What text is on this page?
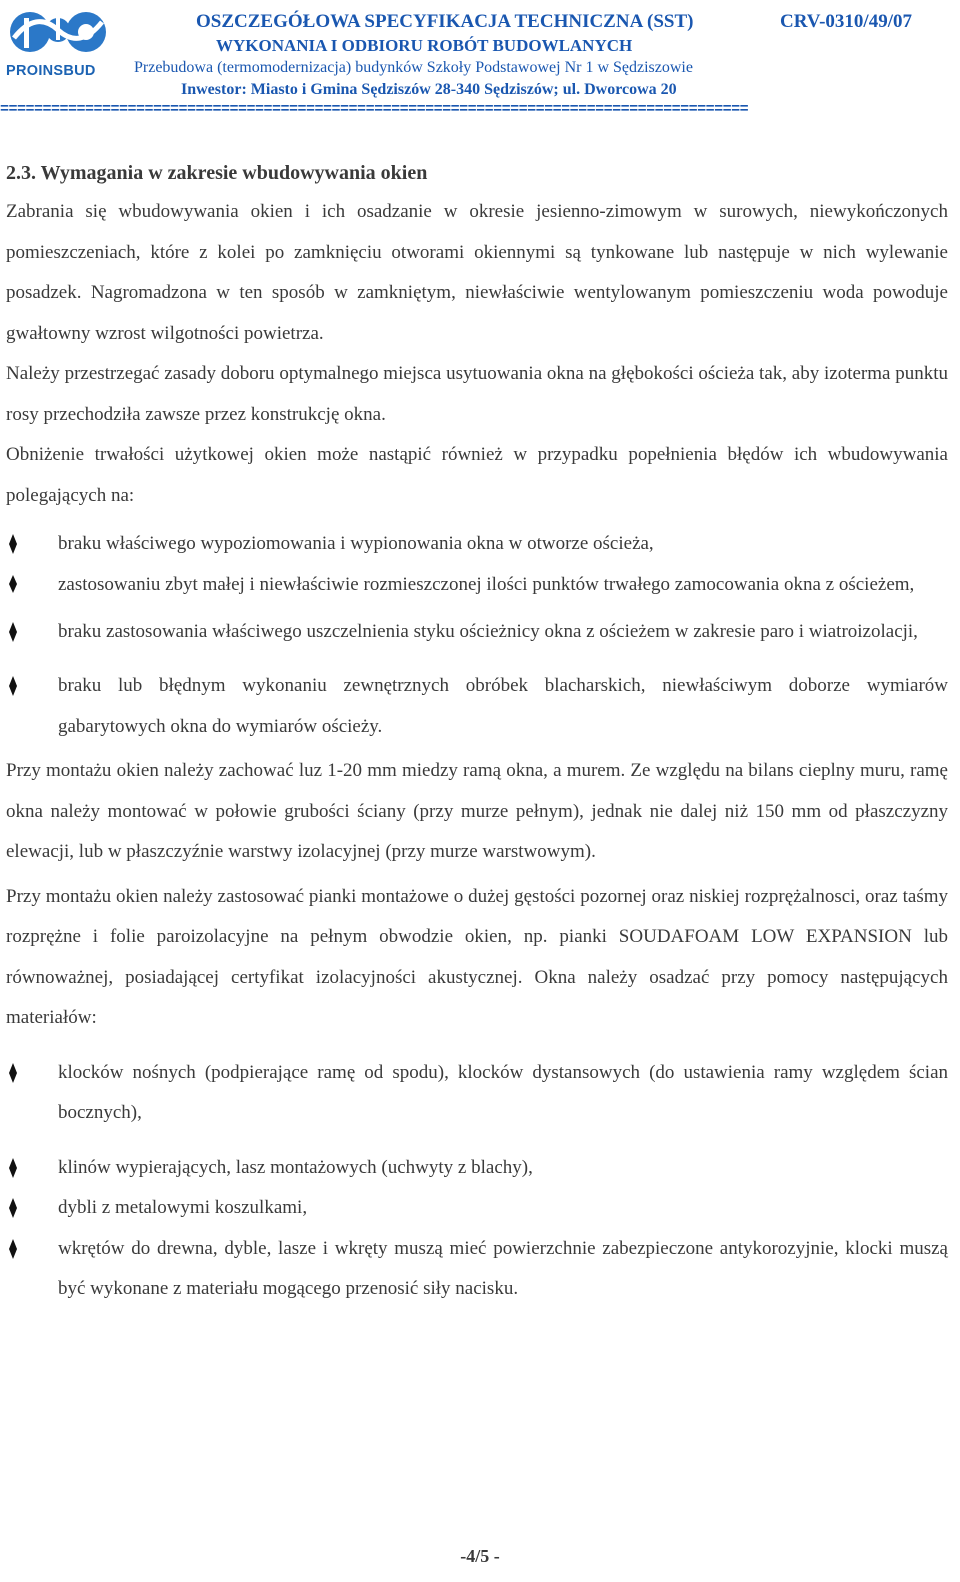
PROINSBUD
OSZCZEGÓŁOWA SPECYFIKACJA TECHNICZNA (SST)	CRV-0310/49/07
WYKONANIA I ODBIORU ROBÓT BUDOWLANYCH
Przebudowa (termomodernizacja) budynków Szkoły Podstawowej Nr 1 w Sędziszowie
Inwestor: Miasto i Gmina Sędziszów 28-340 Sędziszów; ul. Dworcowa 20
========================================================================================
2.3. Wymagania w zakresie wbudowywania okien

Zabrania się wbudowywania okien i ich osadzanie w okresie jesienno-zimowym w surowych, niewykończonych pomieszczeniach, które z kolei po zamknięciu otworami okiennymi są tynkowane lub następuje w nich wylewanie posadzek. Nagromadzona w ten sposób w zamkniętym, niewłaściwie wentylowanym pomieszczeniu woda powoduje gwałtowny wzrost wilgotności powietrza.

Należy przestrzegać zasady doboru optymalnego miejsca usytuowania okna na głębokości ościeża tak, aby izoterma punktu rosy przechodziła zawsze przez konstrukcję okna.

Obniżenie trwałości użytkowej okien może nastąpić również w przypadku popełnienia błędów ich wbudowywania polegających na:

braku właściwego wypoziomowania i wypionowania okna w otworze ościeża,
zastosowaniu zbyt małej i niewłaściwie rozmieszczonej ilości punktów trwałego zamocowania okna z ościeżem,
braku zastosowania właściwego uszczelnienia styku ościeżnicy okna z ościeżem w zakresie paro i wiatroizolacji,
braku lub błędnym wykonaniu zewnętrznych obróbek blacharskich, niewłaściwym doborze wymiarów gabarytowych okna do wymiarów ościeży.

Przy montażu okien należy zachować luz 1-20 mm miedzy ramą okna, a murem. Ze względu na bilans cieplny muru, ramę okna należy montować w połowie grubości ściany (przy murze pełnym), jednak nie dalej niż 150 mm od płaszczyzny elewacji, lub w płaszczyźnie warstwy izolacyjnej (przy murze warstwowym).

Przy montażu okien należy zastosować pianki montażowe o dużej gęstości pozornej oraz niskiej rozprężalnosci, oraz taśmy rozprężne i folie paroizolacyjne na pełnym obwodzie okien, np. pianki SOUDAFOAM LOW EXPANSION lub równoważnej, posiadającej certyfikat izolacyjności akustycznej. Okna należy osadzać przy pomocy następujących materiałów:

klocków nośnych (podpierające ramę od spodu), klocków dystansowych (do ustawienia ramy względem ścian bocznych),
klinów wypierających, lasz montażowych (uchwyty z blachy),
dybli z metalowymi koszulkami,
wkrętów do drewna, dyble, lasze i wkręty muszą mieć powierzchnie zabezpieczone antykorozyjnie, klocki muszą być wykonane z materiału mogącego przenosić siły nacisku.
-4/5 -
